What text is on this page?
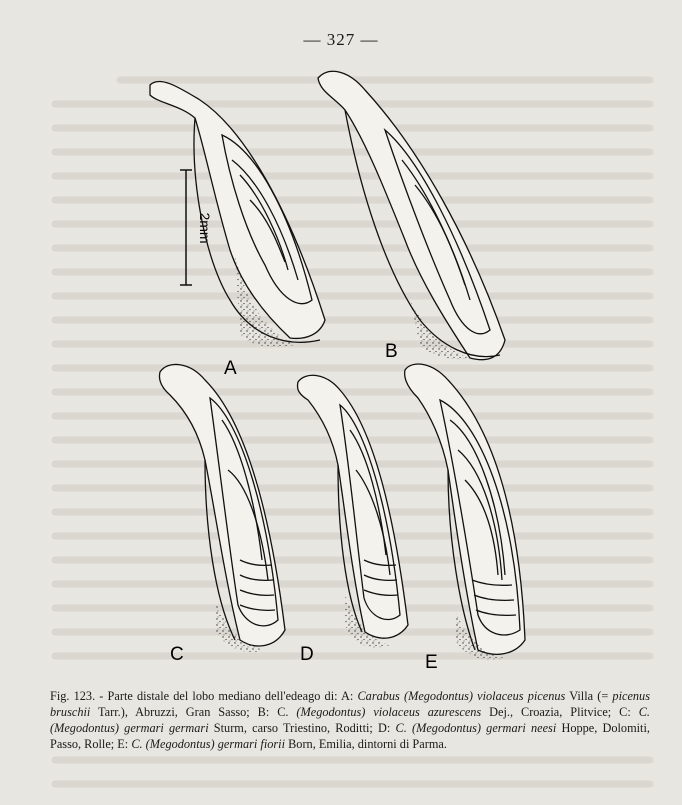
— 327 —
2mm
A
B
C	D	E

Fig. 123. - Parte distale del lobo mediano dell'edeago di: A: Carabus (Megodontus) violaceus picenus Villa (= picenus bruschii Tarr.), Abruzzi, Gran Sasso; B: C. (Megodontus) violaceus azurescens Dej., Croazia, Plitvice; C: C. (Megodontus) germari germari Sturm, carso Triestino, Roditti; D: C. (Megodontus) germari neesi Hoppe, Dolomiti, Passo, Rolle; E: C. (Megodontus) germari fiorii Born, Emilia, dintorni di Parma.
